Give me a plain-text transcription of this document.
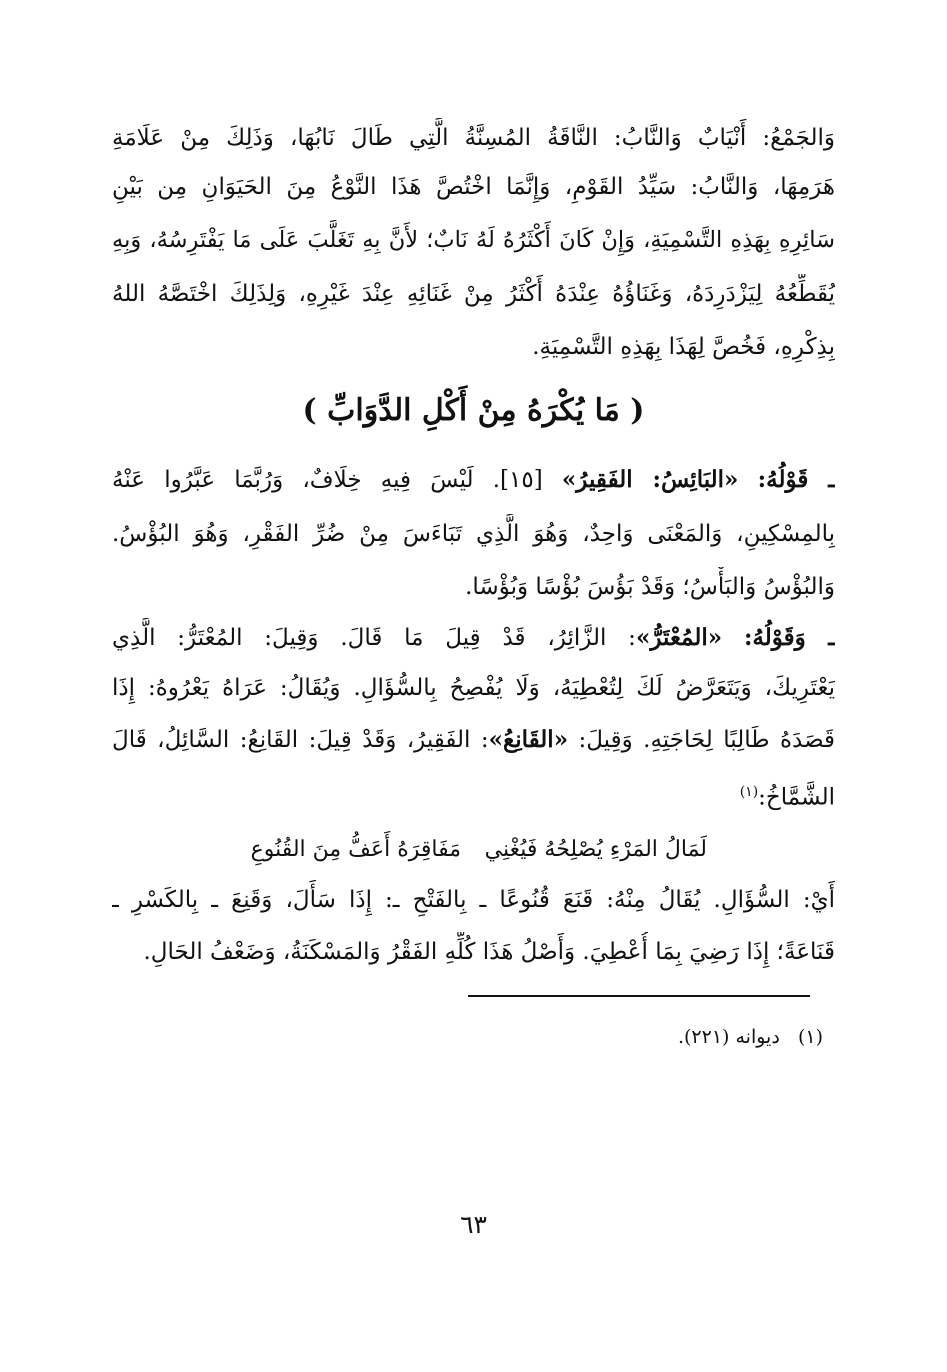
وَالجَمْعُ: أَنْيَابٌ وَالنَّابُ: النَّاقَةُ المُسِنَّةُ الَّتِي طَالَ نَابُهَا، وَذَلِكَ مِنْ عَلَامَةِ
هَرَمِهَا، وَالنَّابُ: سَيِّدُ القَوْمِ، وَإِنَّمَا اخْتُصَّ هَذَا النَّوْعُ مِنَ الحَيَوَانِ مِن بَيْنِ
سَائِرِهِ بِهَذِهِ التَّسْمِيَةِ، وَإِنْ كَانَ أَكْثَرُهُ لَهُ نَابٌ؛ لأَنَّ بِهِ تَغَلَّبَ عَلَى مَا يَفْتَرِسُهُ، وَبِهِ
يُقَطِّعُهُ لِيَزْدَرِدَهُ، وَغَنَاؤُهُ عِنْدَهُ أَكْثَرُ مِنْ غَنَائِهِ عِنْدَ غَيْرِهِ، وَلِذَلِكَ اخْتَصَّهُ اللهُ
بِذِكْرِهِ، فَخُصَّ لِهَذَا بِهَذِهِ التَّسْمِيَةِ.
( مَا يُكْرَهُ مِنْ أَكْلِ الدَّوَابِّ )
ـ قَوْلُهُ: «البَائِسُ: الفَقِيرُ» [١٥]. لَيْسَ فِيهِ خِلَافٌ، وَرُبَّمَا عَبَّرُوا عَنْهُ
بِالمِسْكِينِ، وَالمَعْنَى وَاحِدٌ، وَهُوَ الَّذِي تَبَاءَسَ مِنْ ضُرِّ الفَقْرِ، وَهُوَ البُؤْسُ.
وَالبُؤْسُ وَالبَأْسُ؛ وَقَدْ بَؤُسَ بُؤْسًا وَبُؤْسًا.
ـ وَقَوْلُهُ: «المُعْتَرُّ»: الزَّائِرُ، قَدْ قِيلَ مَا قَالَ. وَقِيلَ: المُعْتَرُّ: الَّذِي
يَعْتَرِيكَ، وَيَتَعَرَّضُ لَكَ لِتُعْطِيَهُ، وَلَا يُفْصِحُ بِالسُّؤَالِ. وَيُقَالُ: عَرَاهُ يَعْرُوهُ: إِذَا
قَصَدَهُ طَالِبًا لِحَاجَتِهِ. وَقِيلَ: «القَانِعُ»: الفَقِيرُ، وَقَدْ قِيلَ: القَانِعُ: السَّائِلُ، قَالَ
الشَّمَّاخُ:$^{(١)}$
لَمَالُ المَرْءِ يُصْلِحُهُ فَيُغْنِي
مَفَاقِرَهُ أَعَفُّ مِنَ القُنُوعِ
أَيْ: السُّؤَالِ. يُقَالُ مِنْهُ: قَنَعَ قُنُوعًا ـ بِالفَتْحِ ـ: إِذَا سَأَلَ، وَقَنِعَ ـ بِالكَسْرِ ـ
قَنَاعَةً؛ إِذَا رَضِيَ بِمَا أُعْطِيَ. وَأَصْلُ هَذَا كُلِّهِ الفَقْرُ وَالمَسْكَنَةُ، وَضَعْفُ الحَالِ.
(١)   ديوانه (٢٢١).
٦٣
